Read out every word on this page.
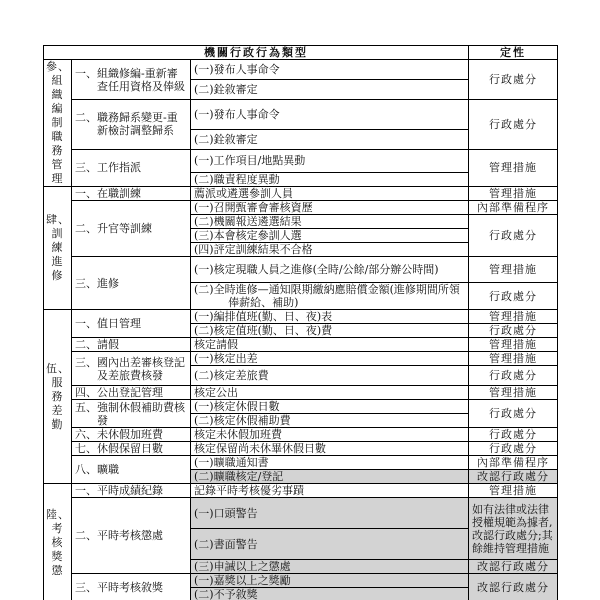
機關行政行為類型			定性
參、組織編制職務管理	一、組織修編-重新審查任用資格及俸級	(一)發布人事命令	行政處分
		(二)銓敘審定	
	二、職務歸系變更-重新檢討調整歸系	(一)發布人事命令	行政處分
		(二)銓敘審定	
	三、工作指派	(一)工作項目/地點異動	管理措施
		(二)職責程度異動	
肆、訓練進修	一、在職訓練	薦派或遴選參訓人員	管理措施
	二、升官等訓練	(一)召開甄審會審核資歷	內部準備程序
		(二)機關報送遴選結果	行政處分
		(三)本會核定參訓人選	
		(四)評定訓練結果不合格	
	三、進修	(一)核定現職人員之進修(全時/公餘/部分辦公時間)	管理措施
		(二)全時進修—通知限期繳納應賠償金額(進修期間所領俸薪給、補助)	行政處分
伍、服務差勤	一、值日管理	(一)編排值班(勤、日、夜)表	管理措施
		(二)核定值班(勤、日、夜)費	行政處分
	二、請假	核定請假	管理措施
	三、國內出差審核登記及差旅費核發	(一)核定出差	管理措施
		(二)核定差旅費	行政處分
	四、公出登記管理	核定公出	管理措施
	五、強制休假補助費核發	(一)核定休假日數	行政處分
		(二)核定休假補助費	
	六、未休假加班費	核定未休假加班費	行政處分
	七、休假保留日數	核定保留尚未休畢休假日數	行政處分
	八、曠職	(一)曠職通知書	內部準備程序
		(二)曠職核定/登記	改認行政處分
陸、考核獎懲	一、平時成績紀錄	記錄平時考核優劣事蹟	管理措施
	二、平時考核懲處	(一)口頭警告	如有法律或法律授權規範為據者,改認行政處分;其餘維持管理措施
		(二)書面警告	
		(三)申誡以上之懲處	改認行政處分
	三、平時考核敘獎	(一)嘉獎以上之獎勵	改認行政處分
		(二)不予敘獎	
